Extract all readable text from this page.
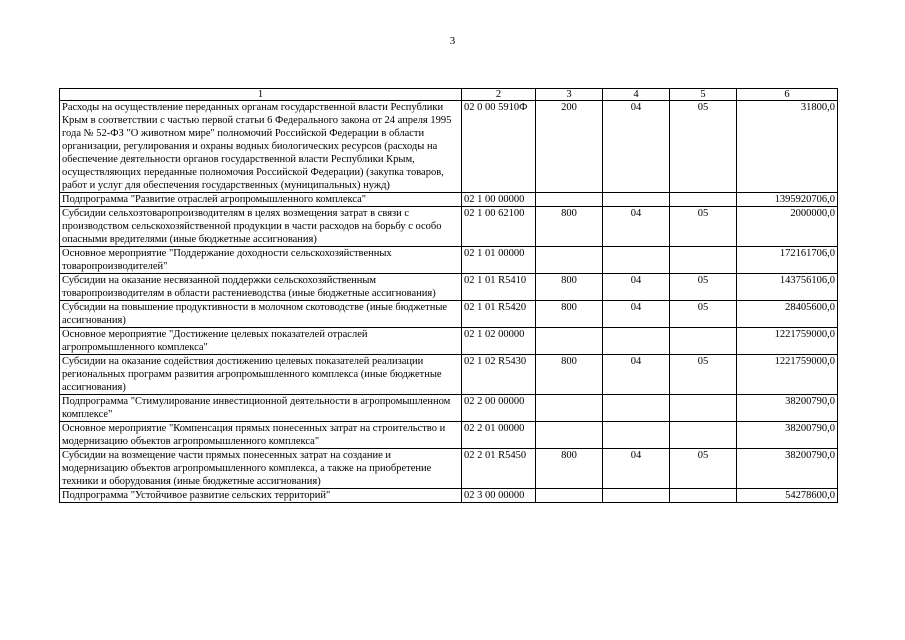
3
1	2	3	4	5	6
Расходы на осуществление переданных органам государственной власти Республики Крым в соответствии с частью первой статьи 6 Федерального закона от 24 апреля 1995 года № 52-ФЗ "О животном мире" полномочий Российской Федерации в области организации, регулирования и охраны водных биологических ресурсов (расходы на обеспечение деятельности органов государственной власти Республики Крым, осуществляющих переданные полномочия Российской Федерации) (закупка товаров, работ и услуг для обеспечения государственных (муниципальных) нужд)	02 0 00 5910Ф	200	04	05	31800,0
Подпрограмма "Развитие отраслей агропромышленного комплекса"	02 1 00 00000				1395920706,0
Субсидии сельхозтоваропроизводителям в целях возмещения затрат в связи с производством сельскохозяйственной продукции в части расходов на борьбу с особо опасными вредителями (иные бюджетные ассигнования)	02 1 00 62100	800	04	05	2000000,0
Основное мероприятие "Поддержание доходности сельскохозяйственных товаропроизводителей"	02 1 01 00000				172161706,0
Субсидии на оказание несвязанной поддержки сельскохозяйственным товаропроизводителям в области растениеводства (иные бюджетные ассигнования)	02 1 01 R5410	800	04	05	143756106,0
Субсидии на повышение продуктивности в молочном скотоводстве (иные бюджетные ассигнования)	02 1 01 R5420	800	04	05	28405600,0
Основное мероприятие "Достижение целевых показателей отраслей агропромышленного комплекса"	02 1 02 00000				1221759000,0
Субсидии на оказание содействия достижению целевых показателей реализации региональных программ развития агропромышленного комплекса (иные бюджетные ассигнования)	02 1 02 R5430	800	04	05	1221759000,0
Подпрограмма "Стимулирование инвестиционной деятельности в агропромышленном комплексе"	02 2 00 00000				38200790,0
Основное мероприятие "Компенсация прямых понесенных затрат на строительство и модернизацию объектов агропромышленного комплекса"	02 2 01 00000				38200790,0
Субсидии на возмещение части прямых понесенных затрат на создание и модернизацию объектов агропромышленного комплекса, а также на приобретение техники и оборудования (иные бюджетные ассигнования)	02 2 01 R5450	800	04	05	38200790,0
Подпрограмма "Устойчивое развитие сельских территорий"	02 3 00 00000				54278600,0
